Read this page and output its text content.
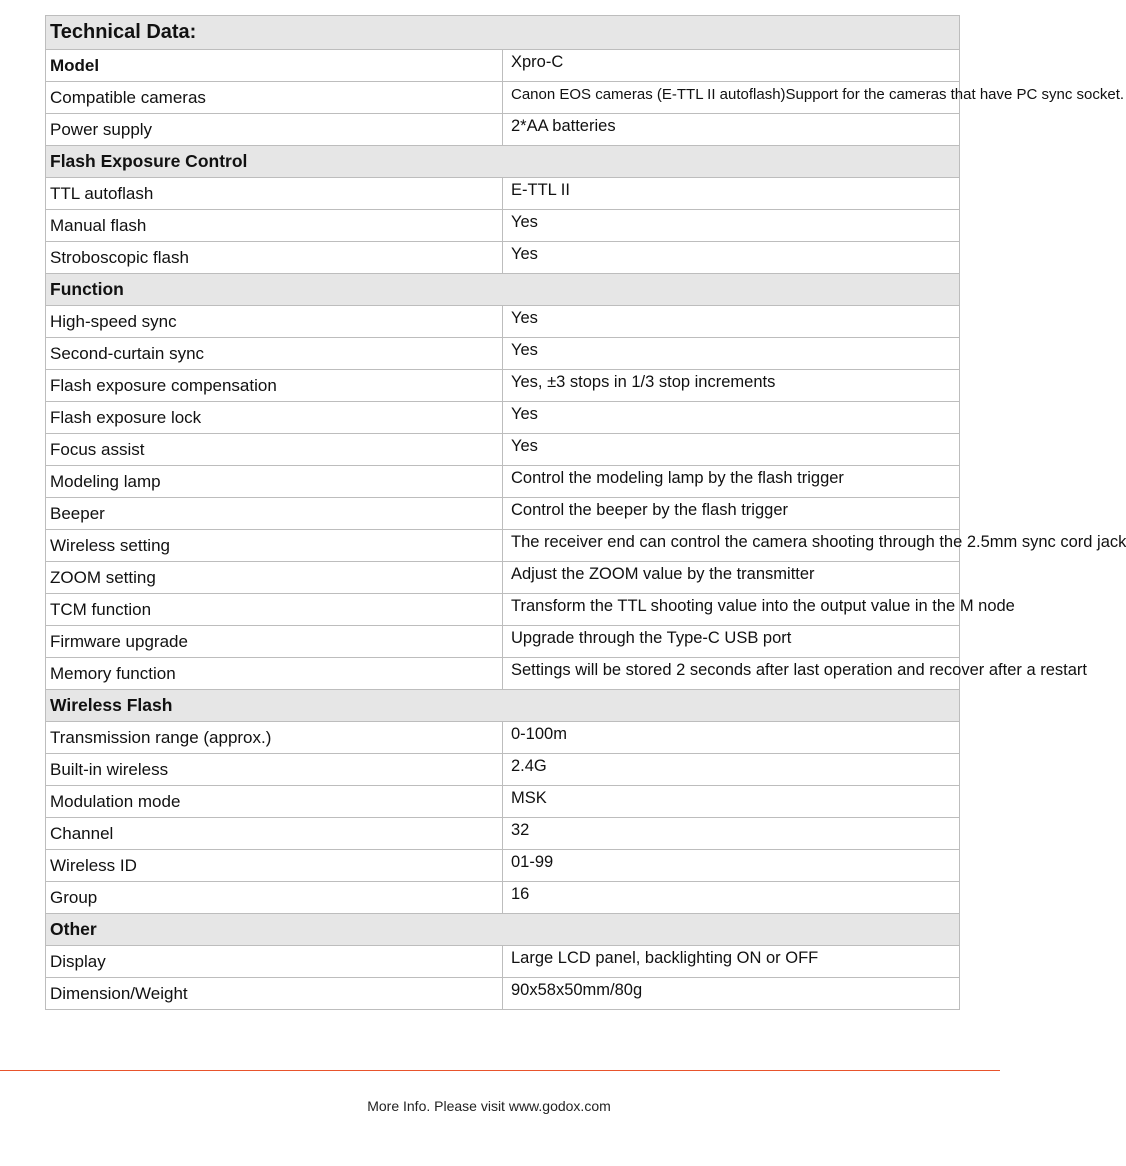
Technical Data:	
Model	Xpro-C
Compatible cameras	Canon EOS cameras (E-TTL II autoflash)Support for the cameras that have PC sync socket.
Power supply	2*AA batteries
Flash Exposure Control	
TTL autoflash	E-TTL II
Manual flash	Yes
Stroboscopic flash	Yes
Function	
High-speed sync	Yes
Second-curtain sync	Yes
Flash exposure compensation	Yes, ±3 stops in 1/3 stop increments
Flash exposure lock	Yes
Focus assist	Yes
Modeling lamp	Control the modeling lamp by the flash trigger
Beeper	Control the beeper by the flash trigger
Wireless setting	The receiver end can control the camera shooting through the 2.5mm sync cord jack
ZOOM setting	Adjust the ZOOM value by the transmitter
TCM function	Transform the TTL shooting value into the output value in the M node
Firmware upgrade	Upgrade through the Type-C USB port
Memory function	Settings will be stored 2 seconds after last operation and recover after a restart
Wireless Flash	
Transmission range (approx.)	0-100m
Built-in wireless	2.4G
Modulation mode	MSK
Channel	32
Wireless ID	01-99
Group	16
Other	
Display	Large LCD panel, backlighting ON or OFF
Dimension/Weight	90x58x50mm/80g
More Info. Please visit www.godox.com
